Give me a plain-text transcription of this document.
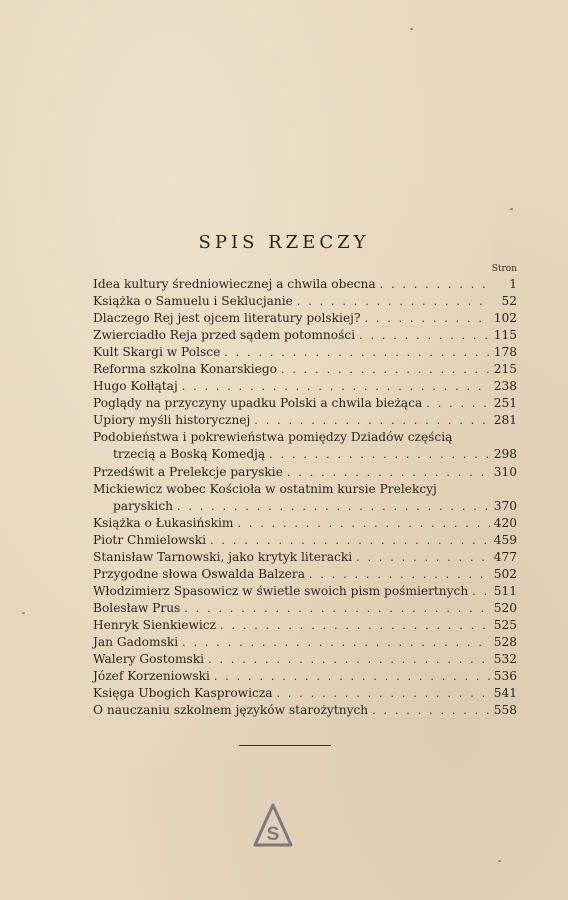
SPIS RZECZY
Stron
Idea kultury średniowiecznej a chwila obecna . . .	1
Książka o Samuelu i Seklucjanie . . .	52
Dlaczego Rej jest ojcem literatury polskiej? . . .	102
Zwierciadło Reja przed sądem potomności . . .	115
Kult Skargi w Polsce . . .	178
Reforma szkolna Konarskiego . . .	215
Hugo Kołłątaj . . .	238
Poglądy na przyczyny upadku Polski a chwila bieżąca . . .	251
Upiory myśli historycznej . . .	281
Podobieństwa i pokrewieństwa pomiędzy Dziadów częścią
trzecią a Boską Komedją . . .	298
Przedświt a Prelekcje paryskie . . .	310
Mickiewicz wobec Kościoła w ostatnim kursie Prelekcyj
paryskich . . .	370
Książka o Łukasińskim . . .	420
Piotr Chmielowski . . .	459
Stanisław Tarnowski, jako krytyk literacki . . .	477
Przygodne słowa Oswalda Balzera . . .	502
Włodzimierz Spasowicz w świetle swoich pism pośmiertnych . . . 511
Bolesław Prus . . .	520
Henryk Sienkiewicz . . .	525
Jan Gadomski . . .	528
Walery Gostomski . . .	532
Józef Korzeniowski . . .	536
Księga Ubogich Kasprowicza . . .	541
O nauczaniu szkolnem języków starożytnych . . .	558
S
